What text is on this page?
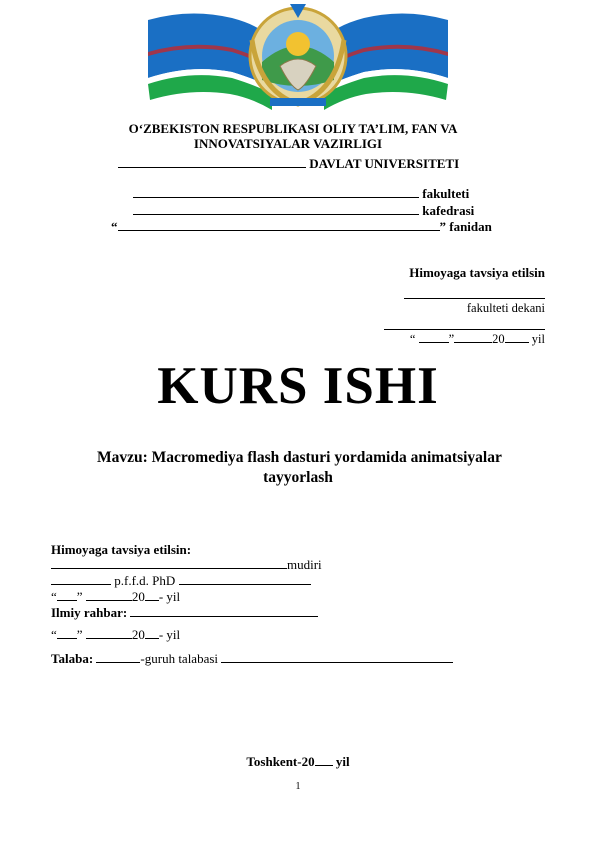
O‘ZBEKISTON RESPUBLIKASI OLIY TA’LIM, FAN VA
INNOVATSIYALAR VAZIRLIGI
DAVLAT UNIVERSITETI
fakulteti
kafedrasi
“	” fanidan
Himoyaga tavsiya etilsin
fakulteti dekani
“	”	20 yil
KURS ISHI
Mavzu: Macromediya flash dasturi yordamida animatsiyalar
tayyorlash
Himoyaga tavsiya etilsin:
mudiri
p.f.f.d. PhD
“ ”	20 - yil
Ilmiy rahbar:
“ ”	20 - yil
Talaba:	-guruh talabasi
Toshkent-20 yil
1
